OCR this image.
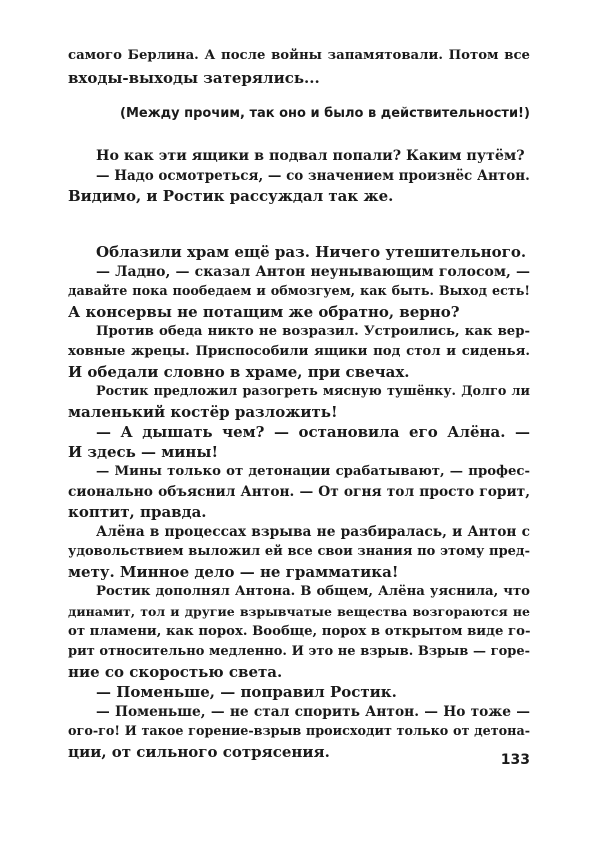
самого Берлина. А после войны запамятовали. Потом все
входы-выходы затерялись...
(Между прочим, так оно и было в действительности!)
Но как эти ящики в подвал попали? Каким путём?
— Надо осмотреться, — со значением произнёс Антон.
Видимо, и Ростик рассуждал так же.
Облазили храм ещё раз. Ничего утешительного.
— Ладно, — сказал Антон неунывающим голосом, —
давайте пока пообедаем и обмозгуем, как быть. Выход есть!
А консервы не потащим же обратно, верно?
Против обеда никто не возразил. Устроились, как вер-
ховные жрецы. Приспособили ящики под стол и сиденья.
И обедали словно в храме, при свечах.
Ростик предложил разогреть мясную тушёнку. Долго ли
маленький костёр разложить!
— А дышать чем? — остановила его Алёна. —
И здесь — мины!
— Мины только от детонации срабатывают, — профес-
сионально объяснил Антон. — От огня тол просто горит,
коптит, правда.
Алёна в процессах взрыва не разбиралась, и Антон с
удовольствием выложил ей все свои знания по этому пред-
мету. Минное дело — не грамматика!
Ростик дополнял Антона. В общем, Алёна уяснила, что
динамит, тол и другие взрывчатые вещества возгораются не
от пламени, как порох. Вообще, порох в открытом виде го-
рит относительно медленно. И это не взрыв. Взрыв — горе-
ние со скоростью света.
— Поменьше, — поправил Ростик.
— Поменьше, — не стал спорить Антон. — Но тоже —
ого-го! И такое горение-взрыв происходит только от детона-
ции, от сильного сотрясения.	133
